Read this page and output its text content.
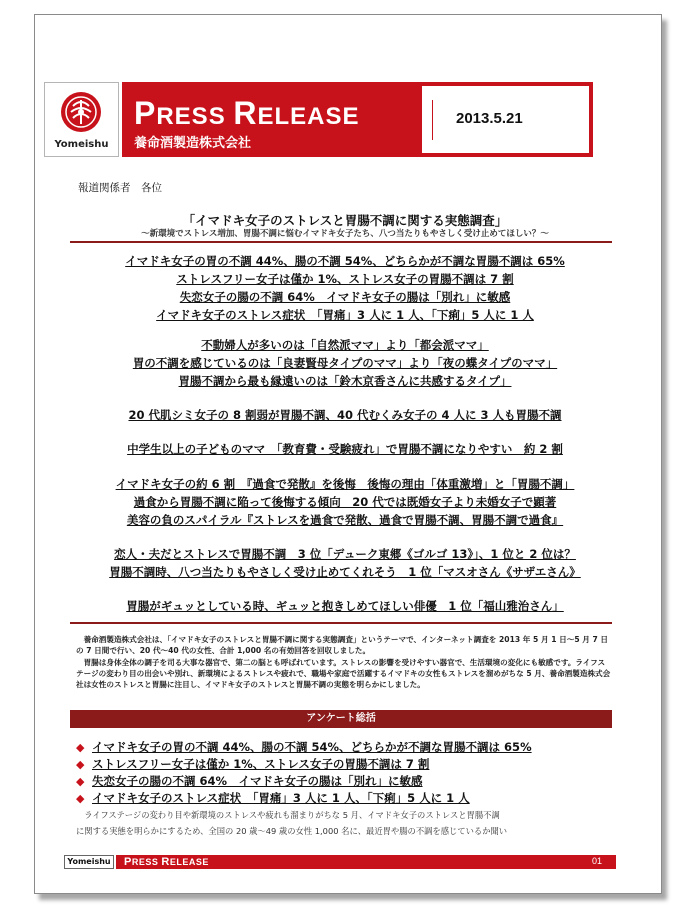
Yomeishu
PRESS RELEASE
養命酒製造株式会社
2013.5.21
報道関係者　各位
「イマドキ女子のストレスと胃腸不調に関する実態調査」
～新環境でストレス増加、胃腸不調に悩むイマドキ女子たち、八つ当たりもやさしく受け止めてほしい？～
イマドキ女子の胃の不調 44%、腸の不調 54%、どちらかが不調な胃腸不調は 65%
ストレスフリー女子は僅か 1%、ストレス女子の胃腸不調は 7 割
失恋女子の腸の不調 64%　イマドキ女子の腸は「別れ」に敏感
イマドキ女子のストレス症状　「胃痛」3 人に 1 人、「下痢」5 人に 1 人
不動婦人が多いのは「自然派ママ」より「都会派ママ」
胃の不調を感じているのは「良妻賢母タイプのママ」より「夜の蝶タイプのママ」
胃腸不調から最も縁遠いのは「鈴木京香さんに共感するタイプ」
20 代肌シミ女子の 8 割弱が胃腸不調、40 代むくみ女子の 4 人に 3 人も胃腸不調
中学生以上の子どものママ　「教育費・受験疲れ」で胃腸不調になりやすい　約 2 割
イマドキ女子の約 6 割　『過食で発散』を後悔　後悔の理由「体重激増」と「胃腸不調」
過食から胃腸不調に陥って後悔する傾向　20 代では既婚女子より未婚女子で顕著
美容の負のスパイラル『ストレスを過食で発散、過食で胃腸不調、胃腸不調で過食』
恋人・夫だとストレスで胃腸不調　3 位「デューク東郷《ゴルゴ 13》」、1 位と 2 位は？
胃腸不調時、八つ当たりもやさしく受け止めてくれそう　1 位「マスオさん《サザエさん》
胃腸がギュッとしている時、ギュッと抱きしめてほしい俳優　1 位「福山雅治さん」

　養命酒製造株式会社は、「イマドキ女子のストレスと胃腸不調に関する実態調査」というテーマで、インターネット調査を 2013 年 5 月 1 日～5 月 7 日の 7 日間で行い、20 代～40 代の女性、合計 1,000 名の有効回答を回収しました。

　胃腸は身体全体の調子を司る大事な器官で、第二の脳とも呼ばれています。ストレスの影響を受けやすい器官で、生活環境の変化にも敏感です。ライフステージの変わり目の出会いや別れ、新環境によるストレスや疲れで、職場や家庭で活躍するイマドキの女性もストレスを溜めがちな 5 月、養命酒製造株式会社は女性のストレスと胃腸に注目し、イマドキ女子のストレスと胃腸不調の実態を明らかにしました。

アンケート総括
◆ イマドキ女子の胃の不調 44%、腸の不調 54%、どちらかが不調な胃腸不調は 65%
◆ ストレスフリー女子は僅か 1%、ストレス女子の胃腸不調は 7 割
◆ 失恋女子の腸の不調 64%　イマドキ女子の腸は「別れ」に敏感
◆ イマドキ女子のストレス症状　「胃痛」3 人に 1 人、「下痢」5 人に 1 人

　ライフステージの変わり目や新環境のストレスや疲れも溜まりがちな 5 月、イマドキ女子のストレスと胃腸不調

に関する実態を明らかにするため、全国の 20 歳～49 歳の女性 1,000 名に、最近胃や腸の不調を感じているか聞い

Yomeishu	PRESS RELEASE	01
